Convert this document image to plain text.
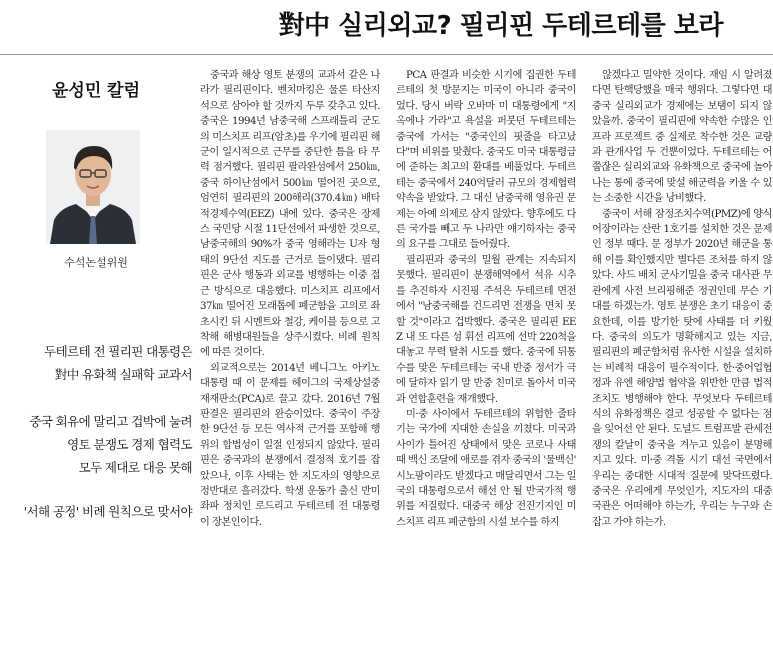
對中 실리외교? 필리핀 두테르테를 보라
윤성민 칼럼
수석논설위원
두테르테 전 필리핀 대통령은
對中 유화책 실패학 교과서
중국 회유에 말리고 겁박에 눌려
영토 분쟁도 경제 협력도
모두 제대로 대응 못해
'서해 공정' 비례 원칙으로 맞서야

중국과 해상 영토 분쟁의 교과서 같은 나라가 필리핀이다. 벤치마킹은 물론 타산지석으로 삼아야 할 것까지 두루 갖추고 있다. 중국은 1994년 남중국해 스프래틀리 군도의 미스치프 리프(암초)를 우기에 필리핀 해군이 일시적으로 근무를 중단한 틈을 타 무력 점거했다. 필리핀 팔라완섬에서 250㎞, 중국 하이난섬에서 500㎞ 떨어진 곳으로, 엄연히 필리핀의 200해리(370.4㎞) 배타적경제수역(EEZ) 내에 있다. 중국은 장제스 국민당 시절 11단선에서 파생한 것으로, 남중국해의 90%가 중국 영해라는 U자 형태의 9단선 지도를 근거로 들이댔다. 필리핀은 군사 행동과 외교를 병행하는 이중 접근 방식으로 대응했다. 미스치프 리프에서 37㎞ 떨어진 모래톱에 폐군함을 고의로 좌초시킨 뒤 시멘트와 철강, 케이블 등으로 고착해 해병대원들을 상주시켰다. 비례 원칙에 따른 것이다.

외교적으로는 2014년 베니그노 아키노 대통령 때 이 문제를 헤이그의 국제상설중재재판소(PCA)로 끌고 갔다. 2016년 7월 판결은 필리핀의 완승이었다. 중국이 주장한 9단선 등 모든 역사적 근거를 포함해 행위의 합법성이 일절 인정되지 않았다. 필리핀은 중국과의 분쟁에서 결정적 호기를 잡았으나, 이후 사태는 한 지도자의 영향으로 정반대로 흘러갔다. 학생 운동가 출신 반미 좌파 정치인 로드리고 두테르테 전 대통령이 장본인이다.

PCA 판결과 비슷한 시기에 집권한 두테르테의 첫 방문지는 미국이 아니라 중국이었다. 당시 버락 오바마 미 대통령에게 "지옥에나 가라"고 욕설을 퍼붓던 두테르테는 중국에 가서는 "중국인의 핏줄을 타고났다"며 비위를 맞췄다. 중국도 미국 대통령급에 준하는 최고의 환대를 베풀었다. 두테르테는 중국에서 240억달러 규모의 경제협력 약속을 받았다. 그 대신 남중국해 영유권 문제는 아예 의제로 삼지 않았다. 향후에도 다른 국가를 빼고 두 나라만 얘기하자는 중국의 요구를 그대로 들어줬다.

필리핀과 중국의 밀월 관계는 지속되지 못했다. 필리핀이 분쟁해역에서 석유 시추를 추진하자 시진핑 주석은 두테르테 면전에서 "남중국해를 건드리면 전쟁을 면치 못할 것"이라고 겁박했다. 중국은 필리핀 EEZ 내 또 다른 섬 휘선 리프에 선박 220척을 대놓고 무력 탈취 시도를 했다. 중국에 뒤통수를 맞은 두테르테는 국내 반중 정서가 극에 달하자 읽기 말 반중 친미로 돌아서 미국과 연합훈련을 재개했다.

미·중 사이에서 두테르테의 위험한 줄타기는 국가에 지대한 손실을 끼쳤다. 미국과 사이가 틀어진 상태에서 맞은 코로나 사태 때 백신 조달에 애로를 겪자 중국의 '물백신' 시노팜이라도 받겠다고 매달리면서 그는 일국의 대통령으로서 해선 안 될 반국가적 행위를 저질렀다. 대중국 해상 전진기지인 미스치프 리프 폐군함의 시설 보수를 하지

않겠다고 밀약한 것이다. 재임 시 알려졌다면 탄핵당했을 매국 행위다. 그렇다면 대중국 실리외교가 경제에는 보탬이 되지 않았을까. 중국이 필리핀에 약속한 수많은 인프라 프로젝트 중 실제로 착수한 것은 교량과 관개사업 두 건뿐이었다. 두테르테는 어쭙잖은 실리외교와 유화책으로 중국에 놀아나는 통에 중국에 맞설 해군력을 키울 수 있는 소중한 시간을 낭비했다.

중국이 서해 잠정조치수역(PMZ)에 양식 어장이라는 산란 1호기를 설치한 것은 문제인 정부 때다. 문 정부가 2020년 해군을 통해 이를 확인했지만 별다른 조처를 하지 않았다. 사드 배치 군사기밀을 중국 대사관 무관에게 사전 브리핑해준 정권인데 무슨 기대를 하겠는가. 영토 분쟁은 초기 대응이 중요한데, 이를 방기한 탓에 사태를 더 키웠다. 중국의 의도가 명확해지고 있는 지금, 필리핀의 폐군함처럼 유사한 시설을 설치하는 비례적 대응이 필수적이다. 한·중어업협정과 유엔 해양법 협약을 위반한 만큼 법적 조치도 병행해야 한다. 무엇보다 두테르테식의 유화정책은 결코 성공할 수 없다는 점을 잊어선 안 된다. 도널드 트럼프발 관세전쟁의 칼날이 중국을 겨누고 있음이 분명해지고 있다. 미·중 격돌 시기 대선 국면에서 우리는 중대한 시대적 질문에 맞닥뜨렸다. 중국은 우리에게 무엇인가, 지도자의 대중국관은 어떠해야 하는가, 우리는 누구와 손잡고 가야 하는가.
